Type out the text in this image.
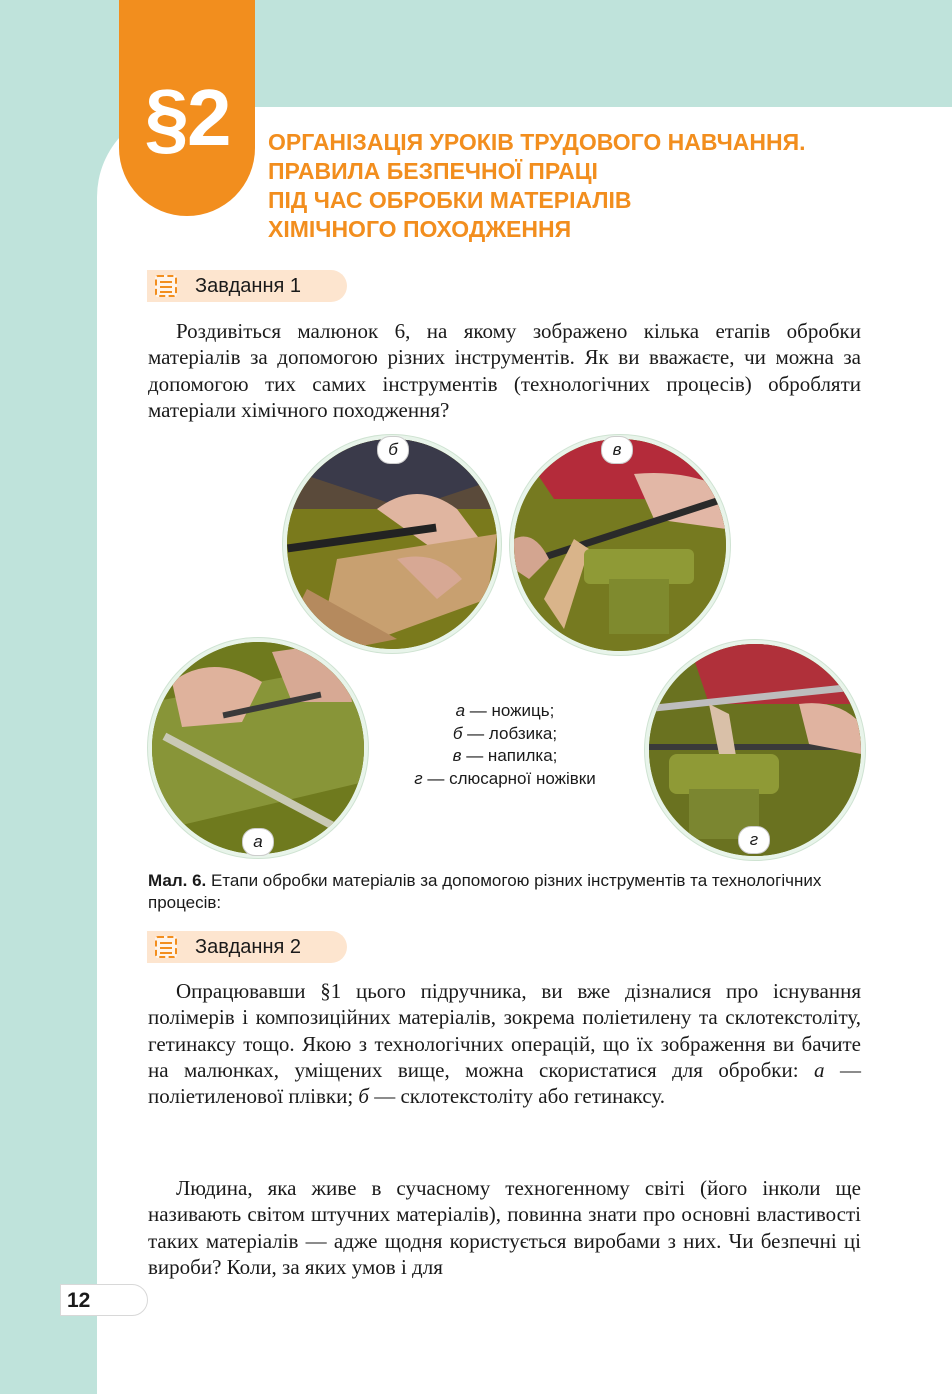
§2	ОРГАНІЗАЦІЯ УРОКІВ ТРУДОВОГО НАВЧАННЯ.
ПРАВИЛА БЕЗПЕЧНОЇ ПРАЦІ
ПІД ЧАС ОБРОБКИ МАТЕРІАЛІВ
ХІМІЧНОГО ПОХОДЖЕННЯ
Завдання 1

Роздивіться малюнок 6, на якому зображено кілька етапів обробки матеріалів за допомогою різних інструментів. Як ви вважаєте, чи можна за допомогою тих самих інструментів (технологічних процесів) обробляти матеріали хімічного походження?

б	в
а	г
а — ножиць;
б — лобзика;
в — напилка;
г — слюсарної ножівки

Мал. 6. Етапи обробки матеріалів за допомогою різних інструментів та технологічних процесів:

Завдання 2

Опрацювавши §1 цього підручника, ви вже дізналися про існування полімерів і композиційних матеріалів, зокрема поліетилену та склотекстоліту, гетинаксу тощо. Якою з технологічних операцій, що їх зображення ви бачите на малюнках, уміщених вище, можна скористатися для обробки: а — поліетиленової плівки; б — склотекстоліту або гетинаксу.

Людина, яка живе в сучасному техногенному світі (його інколи ще називають світом штучних матеріалів), повинна знати про основні властивості таких матеріалів — адже щодня користується виробами з них. Чи безпечні ці вироби? Коли, за яких умов і для

12
